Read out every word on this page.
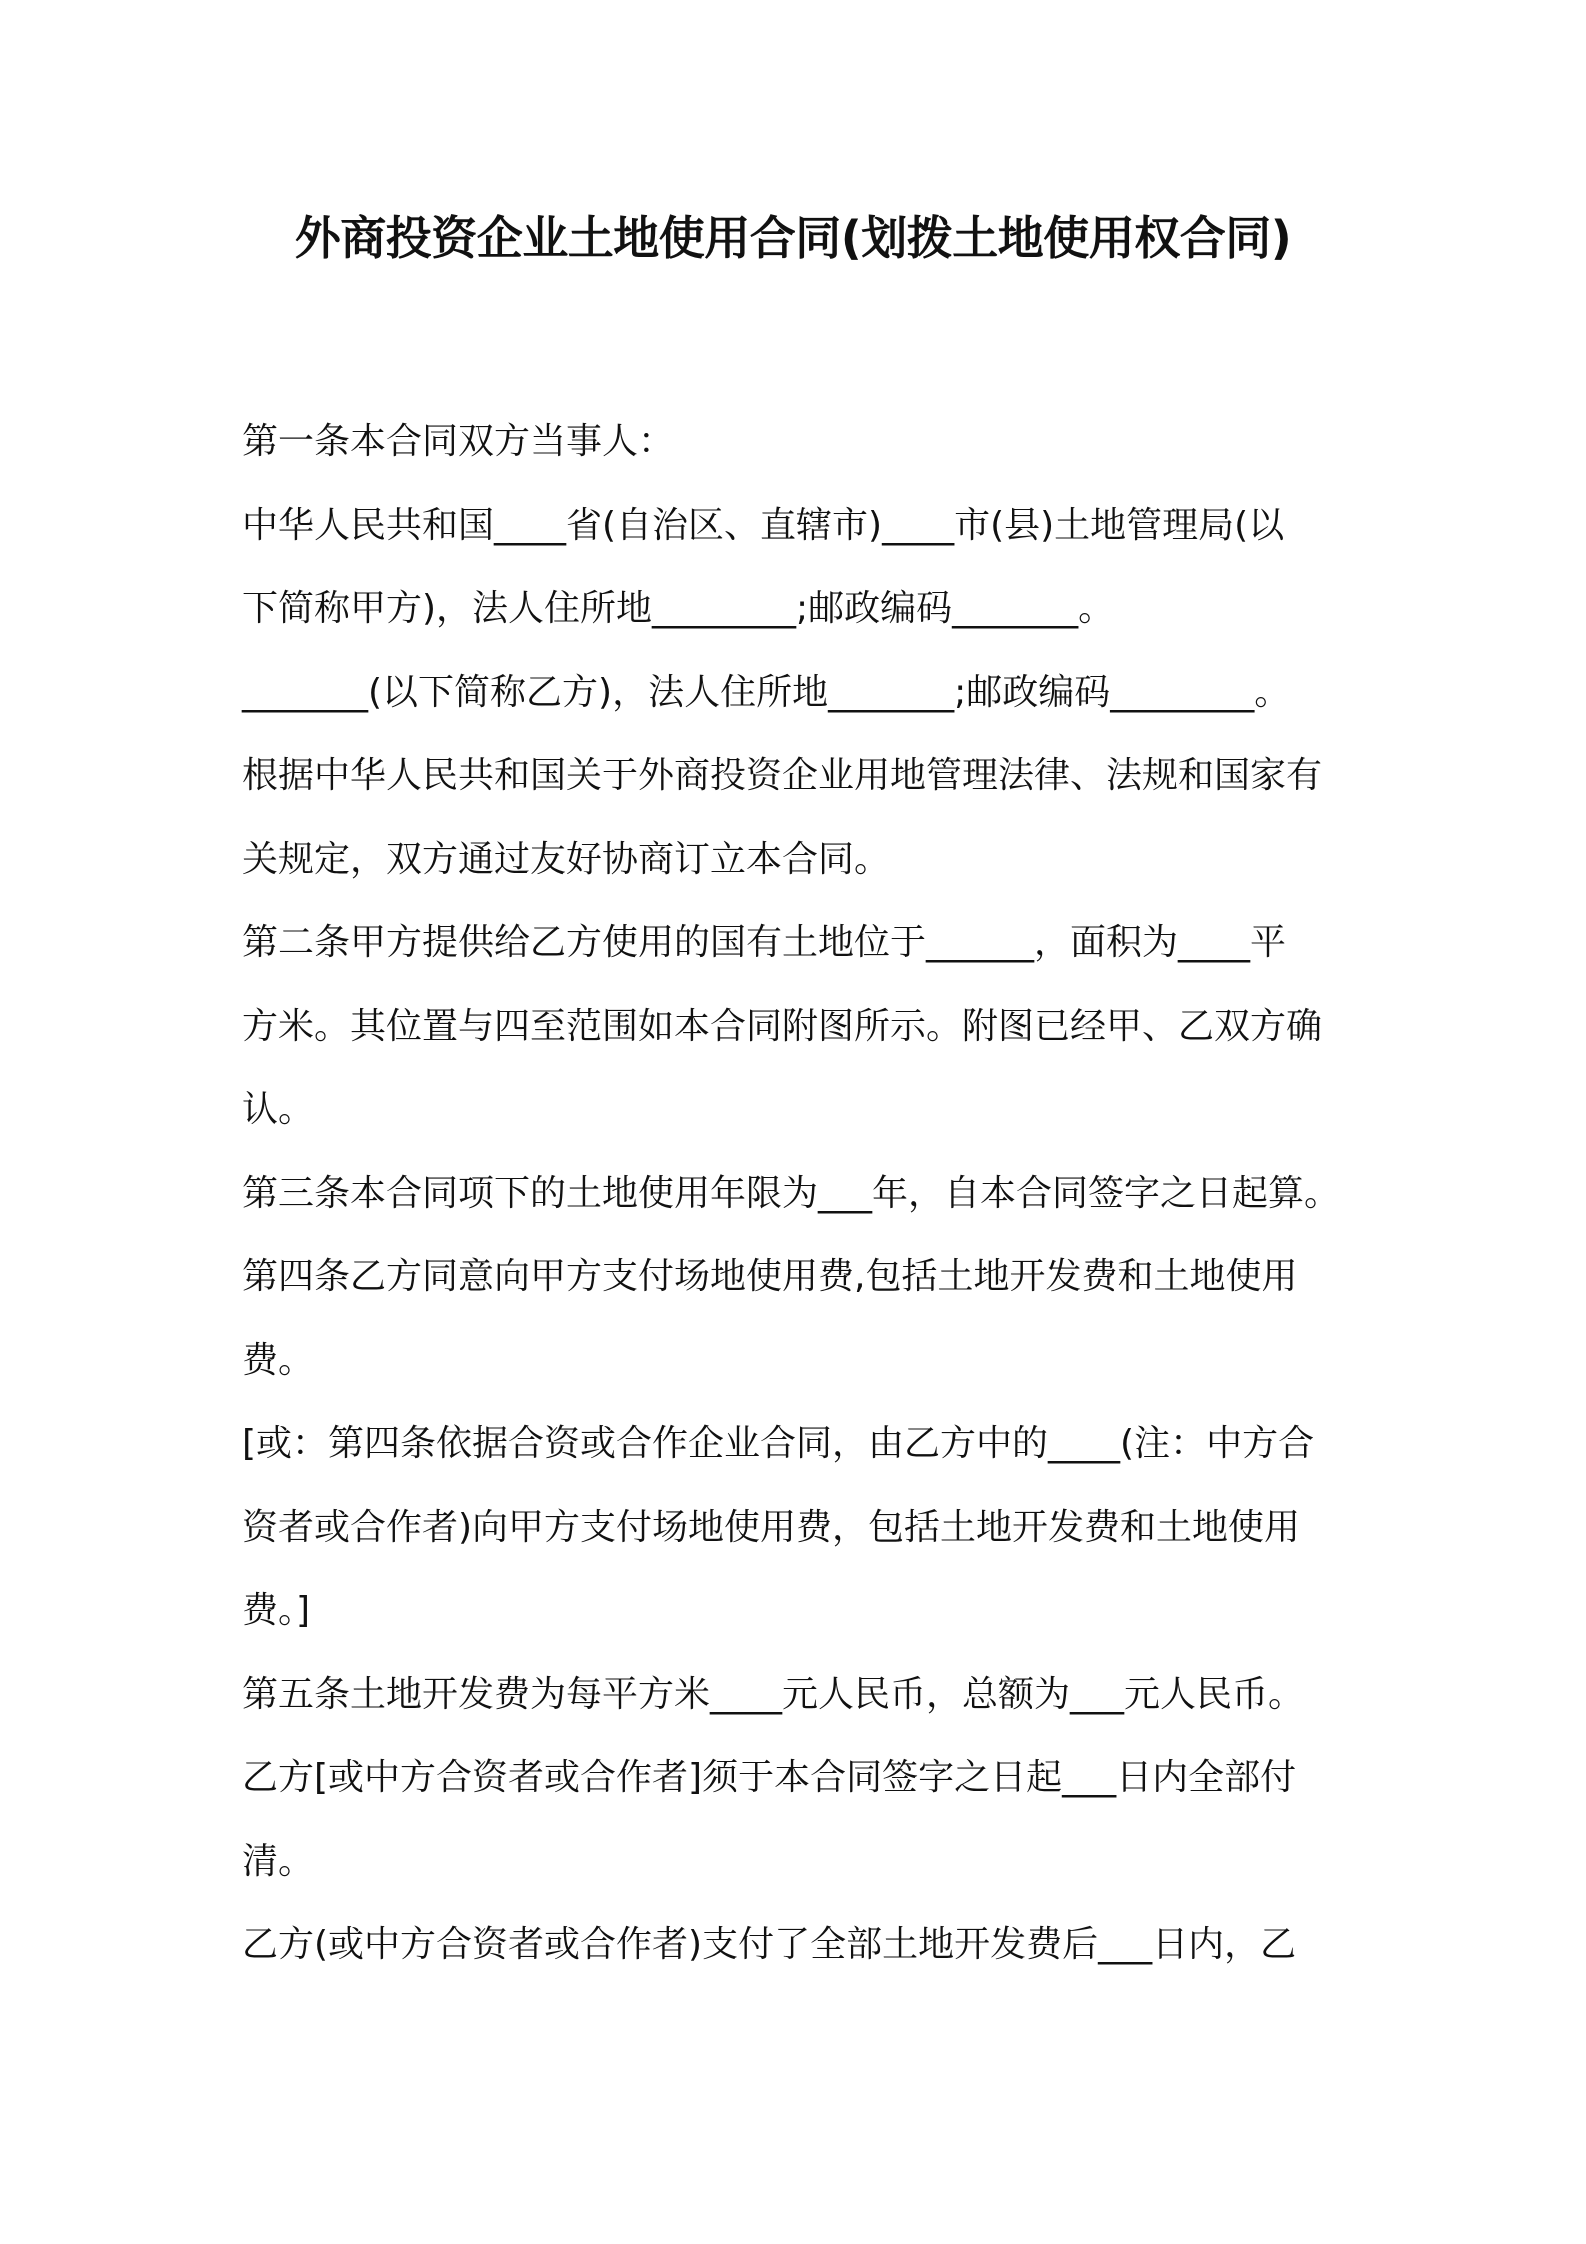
外商投资企业土地使用合同(划拨土地使用权合同)
第一条本合同双方当事人：
中华人民共和国____省(自治区、直辖市)____市(县)土地管理局(以
下简称甲方)，法人住所地________;邮政编码_______。
_______(以下简称乙方)，法人住所地_______;邮政编码________。
根据中华人民共和国关于外商投资企业用地管理法律、法规和国家有
关规定，双方通过友好协商订立本合同。
第二条甲方提供给乙方使用的国有土地位于______，面积为____平
方米。其位置与四至范围如本合同附图所示。附图已经甲、乙双方确
认。
第三条本合同项下的土地使用年限为___年，自本合同签字之日起算。
第四条乙方同意向甲方支付场地使用费,包括土地开发费和土地使用
费。
[或：第四条依据合资或合作企业合同，由乙方中的____(注：中方合
资者或合作者)向甲方支付场地使用费，包括土地开发费和土地使用
费。]
第五条土地开发费为每平方米____元人民币，总额为___元人民币。
乙方[或中方合资者或合作者]须于本合同签字之日起___日内全部付
清。
乙方(或中方合资者或合作者)支付了全部土地开发费后___日内，乙
